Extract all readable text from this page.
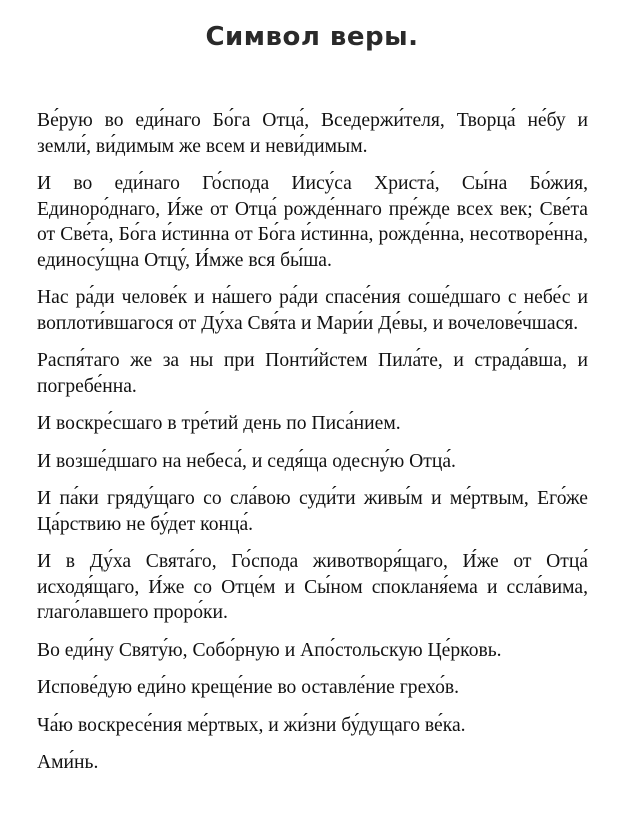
Символ веры.

Ве́рую во еди́наго Бо́га Отца́, Вседержи́теля, Творца́ не́бу и земли́, ви́димым же всем и неви́димым.

И во еди́наго Го́спода Иису́са Христа́, Сы́на Бо́жия, Единоро́днаго, И́же от Отца́ рожде́ннаго пре́жде всех век; Све́та от Све́та, Бо́га и́стинна от Бо́га и́стинна, рожде́нна, несотворе́нна, единосу́щна Отцу́, И́мже вся бы́ша.

Нас ра́ди челове́к и на́шего ра́ди спасе́ния соше́дшаго с небе́с и воплоти́вшагося от Ду́ха Свя́та и Мари́и Де́вы, и вочелове́чшася.

Распя́таго же за ны при Понти́йстем Пила́те, и страда́вша, и погребе́нна.

И воскре́сшаго в тре́тий день по Писа́нием.

И возше́дшаго на небеса́, и седя́ща одесну́ю Отца́.

И па́ки гряду́щаго со сла́вою суди́ти живы́м и ме́ртвым, Его́же Ца́рствию не бу́дет конца́.

И в Ду́ха Свята́го, Го́спода животворя́щаго, И́же от Отца́ исходя́щаго, И́же со Отце́м и Сы́ном спокланя́ема и ссла́вима, глаго́лавшего проро́ки.

Во еди́ну Святу́ю, Собо́рную и Апо́стольскую Це́рковь.

Испове́дую еди́но креще́ние во оставле́ние грехо́в.

Ча́ю воскресе́ния ме́ртвых, и жи́зни бу́дущаго ве́ка.

Ами́нь.
